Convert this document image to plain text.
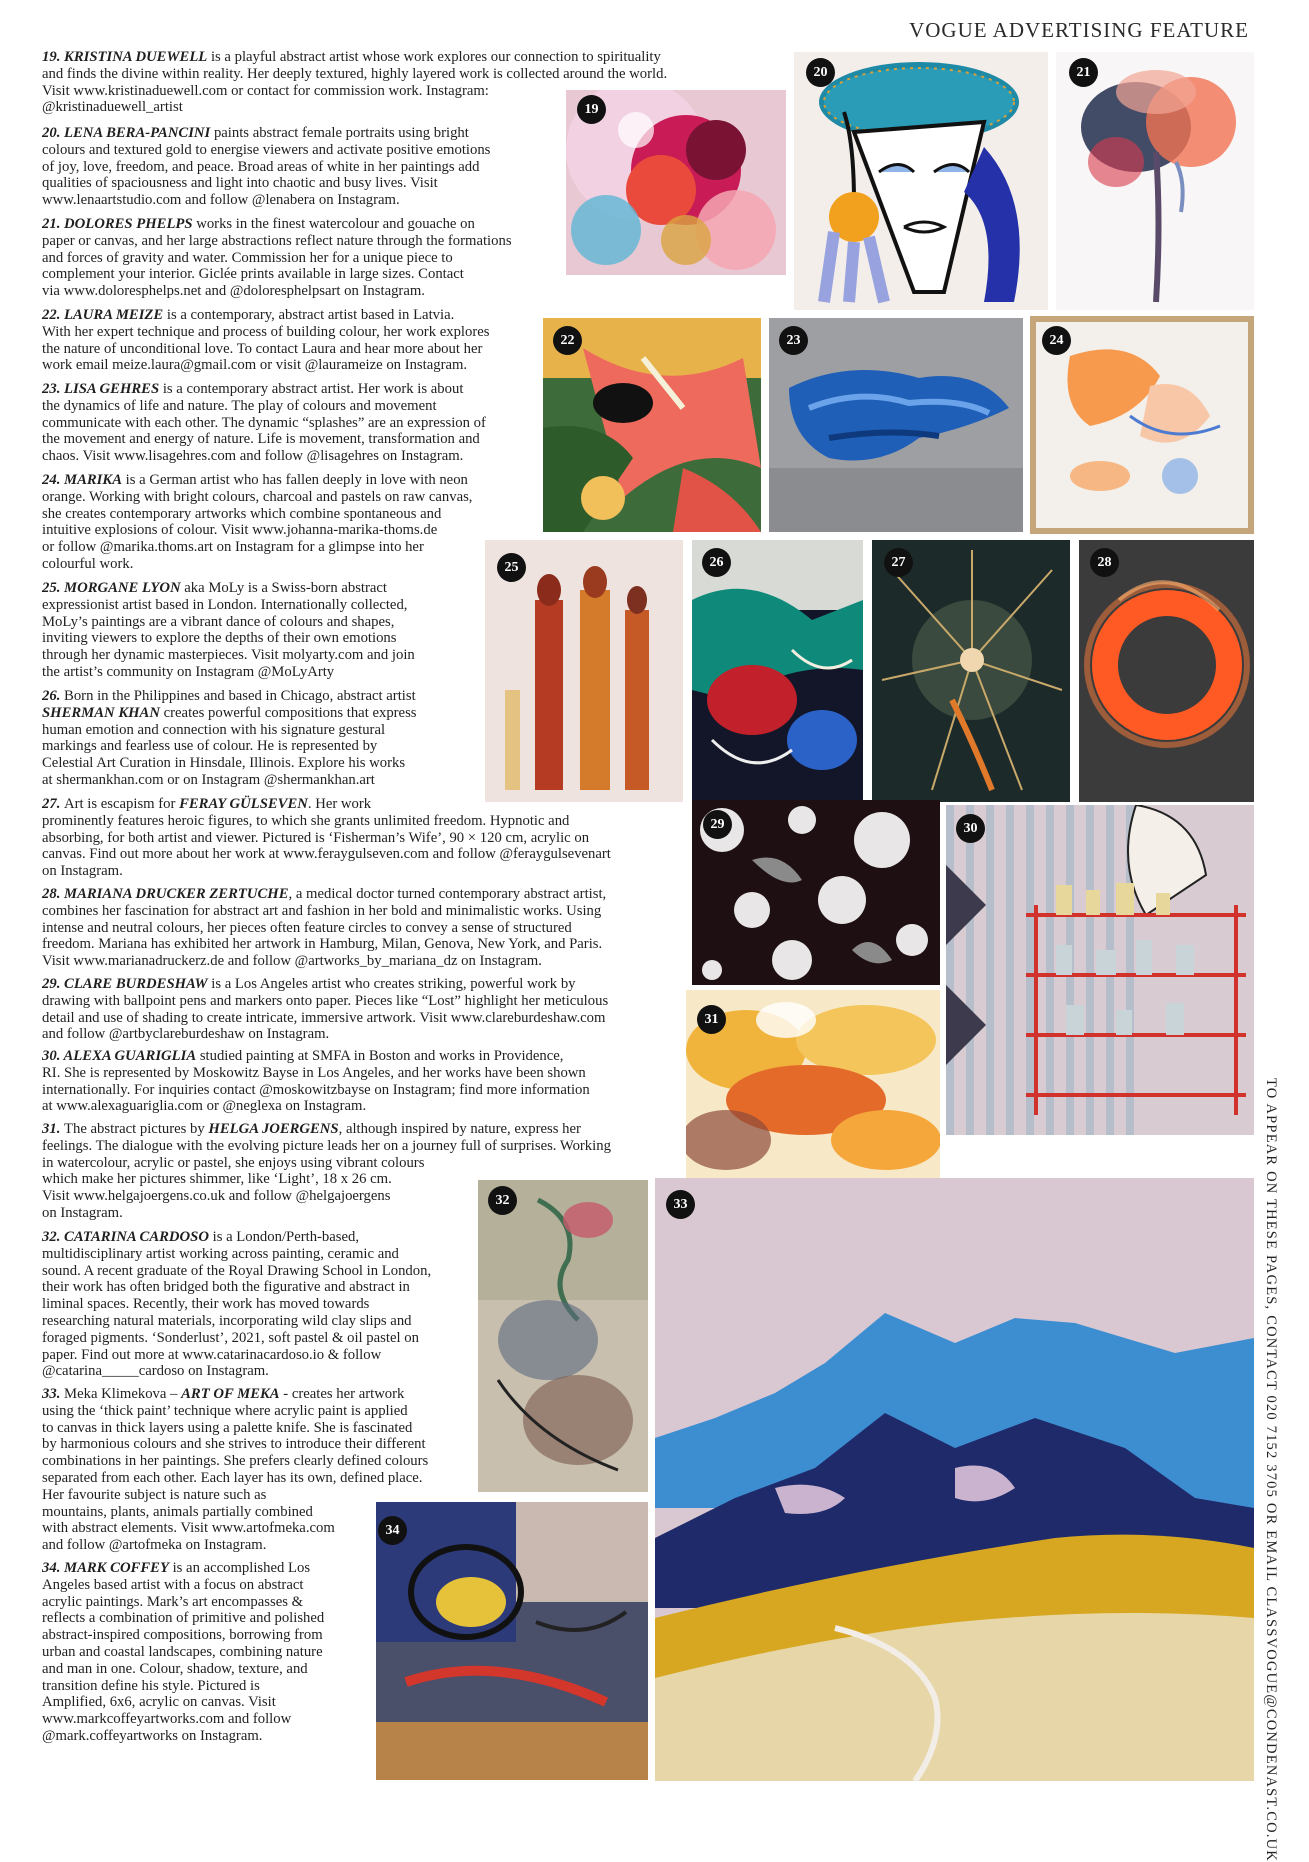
VOGUE ADVERTISING FEATURE
TO APPEAR ON THESE PAGES, CONTACT 020 7152 3705 OR EMAIL CLASSVOGUE@CONDENAST.CO.UK
19. KRISTINA DUEWELL is a playful abstract artist whose work explores our connection to spirituality
and finds the divine within reality. Her deeply textured, highly layered work is collected around the world.
Visit www.kristinaduewell.com or contact for commission work. Instagram:
@kristinaduewell_artist
20. LENA BERA-PANCINI paints abstract female portraits using bright
colours and textured gold to energise viewers and activate positive emotions
of joy, love, freedom, and peace. Broad areas of white in her paintings add
qualities of spaciousness and light into chaotic and busy lives. Visit
www.lenaartstudio.com and follow @lenabera on Instagram.
21. DOLORES PHELPS works in the finest watercolour and gouache on
paper or canvas, and her large abstractions reflect nature through the formations
and forces of gravity and water. Commission her for a unique piece to
complement your interior. Giclée prints available in large sizes. Contact
via www.doloresphelps.net and @doloresphelpsart on Instagram.
22. LAURA MEIZE is a contemporary, abstract artist based in Latvia.
With her expert technique and process of building colour, her work explores
the nature of unconditional love. To contact Laura and hear more about her
work email meize.laura@gmail.com or visit @laurameize on Instagram.
23. LISA GEHRES is a contemporary abstract artist. Her work is about
the dynamics of life and nature. The play of colours and movement
communicate with each other. The dynamic “splashes” are an expression of
the movement and energy of nature. Life is movement, transformation and
chaos. Visit www.lisagehres.com and follow @lisagehres on Instagram.
24. MARIKA is a German artist who has fallen deeply in love with neon
orange. Working with bright colours, charcoal and pastels on raw canvas,
she creates contemporary artworks which combine spontaneous and
intuitive explosions of colour. Visit www.johanna-marika-thoms.de
or follow @marika.thoms.art on Instagram for a glimpse into her
colourful work.
25. MORGANE LYON aka MoLy is a Swiss-born abstract
expressionist artist based in London. Internationally collected,
MoLy’s paintings are a vibrant dance of colours and shapes,
inviting viewers to explore the depths of their own emotions
through her dynamic masterpieces. Visit molyarty.com and join
the artist’s community on Instagram @MoLyArty
26. Born in the Philippines and based in Chicago, abstract artist
SHERMAN KHAN creates powerful compositions that express
human emotion and connection with his signature gestural
markings and fearless use of colour. He is represented by
Celestial Art Curation in Hinsdale, Illinois. Explore his works
at shermankhan.com or on Instagram @shermankhan.art
27. Art is escapism for FERAY GÜLSEVEN. Her work
prominently features heroic figures, to which she grants unlimited freedom. Hypnotic and
absorbing, for both artist and viewer. Pictured is ‘Fisherman’s Wife’, 90 × 120 cm, acrylic on
canvas. Find out more about her work at www.feraygulseven.com and follow @feraygulsevenart
on Instagram.
28. MARIANA DRUCKER ZERTUCHE, a medical doctor turned contemporary abstract artist,
combines her fascination for abstract art and fashion in her bold and minimalistic works. Using
intense and neutral colours, her pieces often feature circles to convey a sense of structured
freedom. Mariana has exhibited her artwork in Hamburg, Milan, Genova, New York, and Paris.
Visit www.marianadruckerz.de and follow @artworks_by_mariana_dz on Instagram.
29. CLARE BURDESHAW is a Los Angeles artist who creates striking, powerful work by
drawing with ballpoint pens and markers onto paper. Pieces like “Lost” highlight her meticulous
detail and use of shading to create intricate, immersive artwork. Visit www.clareburdeshaw.com
and follow @artbyclareburdeshaw on Instagram.
30. ALEXA GUARIGLIA studied painting at SMFA in Boston and works in Providence,
RI. She is represented by Moskowitz Bayse in Los Angeles, and her works have been shown
internationally. For inquiries contact @moskowitzbayse on Instagram; find more information
at www.alexaguariglia.com or @neglexa on Instagram.
31. The abstract pictures by HELGA JOERGENS, although inspired by nature, express her
feelings. The dialogue with the evolving picture leads her on a journey full of surprises. Working
in watercolour, acrylic or pastel, she enjoys using vibrant colours
which make her pictures shimmer, like ‘Light’, 18 x 26 cm.
Visit www.helgajoergens.co.uk and follow @helgajoergens
on Instagram.
32. CATARINA CARDOSO is a London/Perth-based,
multidisciplinary artist working across painting, ceramic and
sound. A recent graduate of the Royal Drawing School in London,
their work has often bridged both the figurative and abstract in
liminal spaces. Recently, their work has moved towards
researching natural materials, incorporating wild clay slips and
foraged pigments. ‘Sonderlust’, 2021, soft pastel & oil pastel on
paper. Find out more at www.catarinacardoso.io & follow
@catarina_____cardoso on Instagram.
33. Meka Klimekova – ART OF MEKA - creates her artwork
using the ‘thick paint’ technique where acrylic paint is applied
to canvas in thick layers using a palette knife. She is fascinated
by harmonious colours and she strives to introduce their different
combinations in her paintings. She prefers clearly defined colours
separated from each other. Each layer has its own, defined place.
Her favourite subject is nature such as
mountains, plants, animals partially combined
with abstract elements. Visit www.artofmeka.com
and follow @artofmeka on Instagram.
34. MARK COFFEY is an accomplished Los
Angeles based artist with a focus on abstract
acrylic paintings. Mark’s art encompasses &
reflects a combination of primitive and polished
abstract-inspired compositions, borrowing from
urban and coastal landscapes, combining nature
and man in one. Colour, shadow, texture, and
transition define his style. Pictured is
Amplified, 6x6, acrylic on canvas. Visit
www.markcoffeyartworks.com and follow
@mark.coffeyartworks on Instagram.
19
20	21
22	23	24
25	26	27	28
29	30
31
32	33
34
